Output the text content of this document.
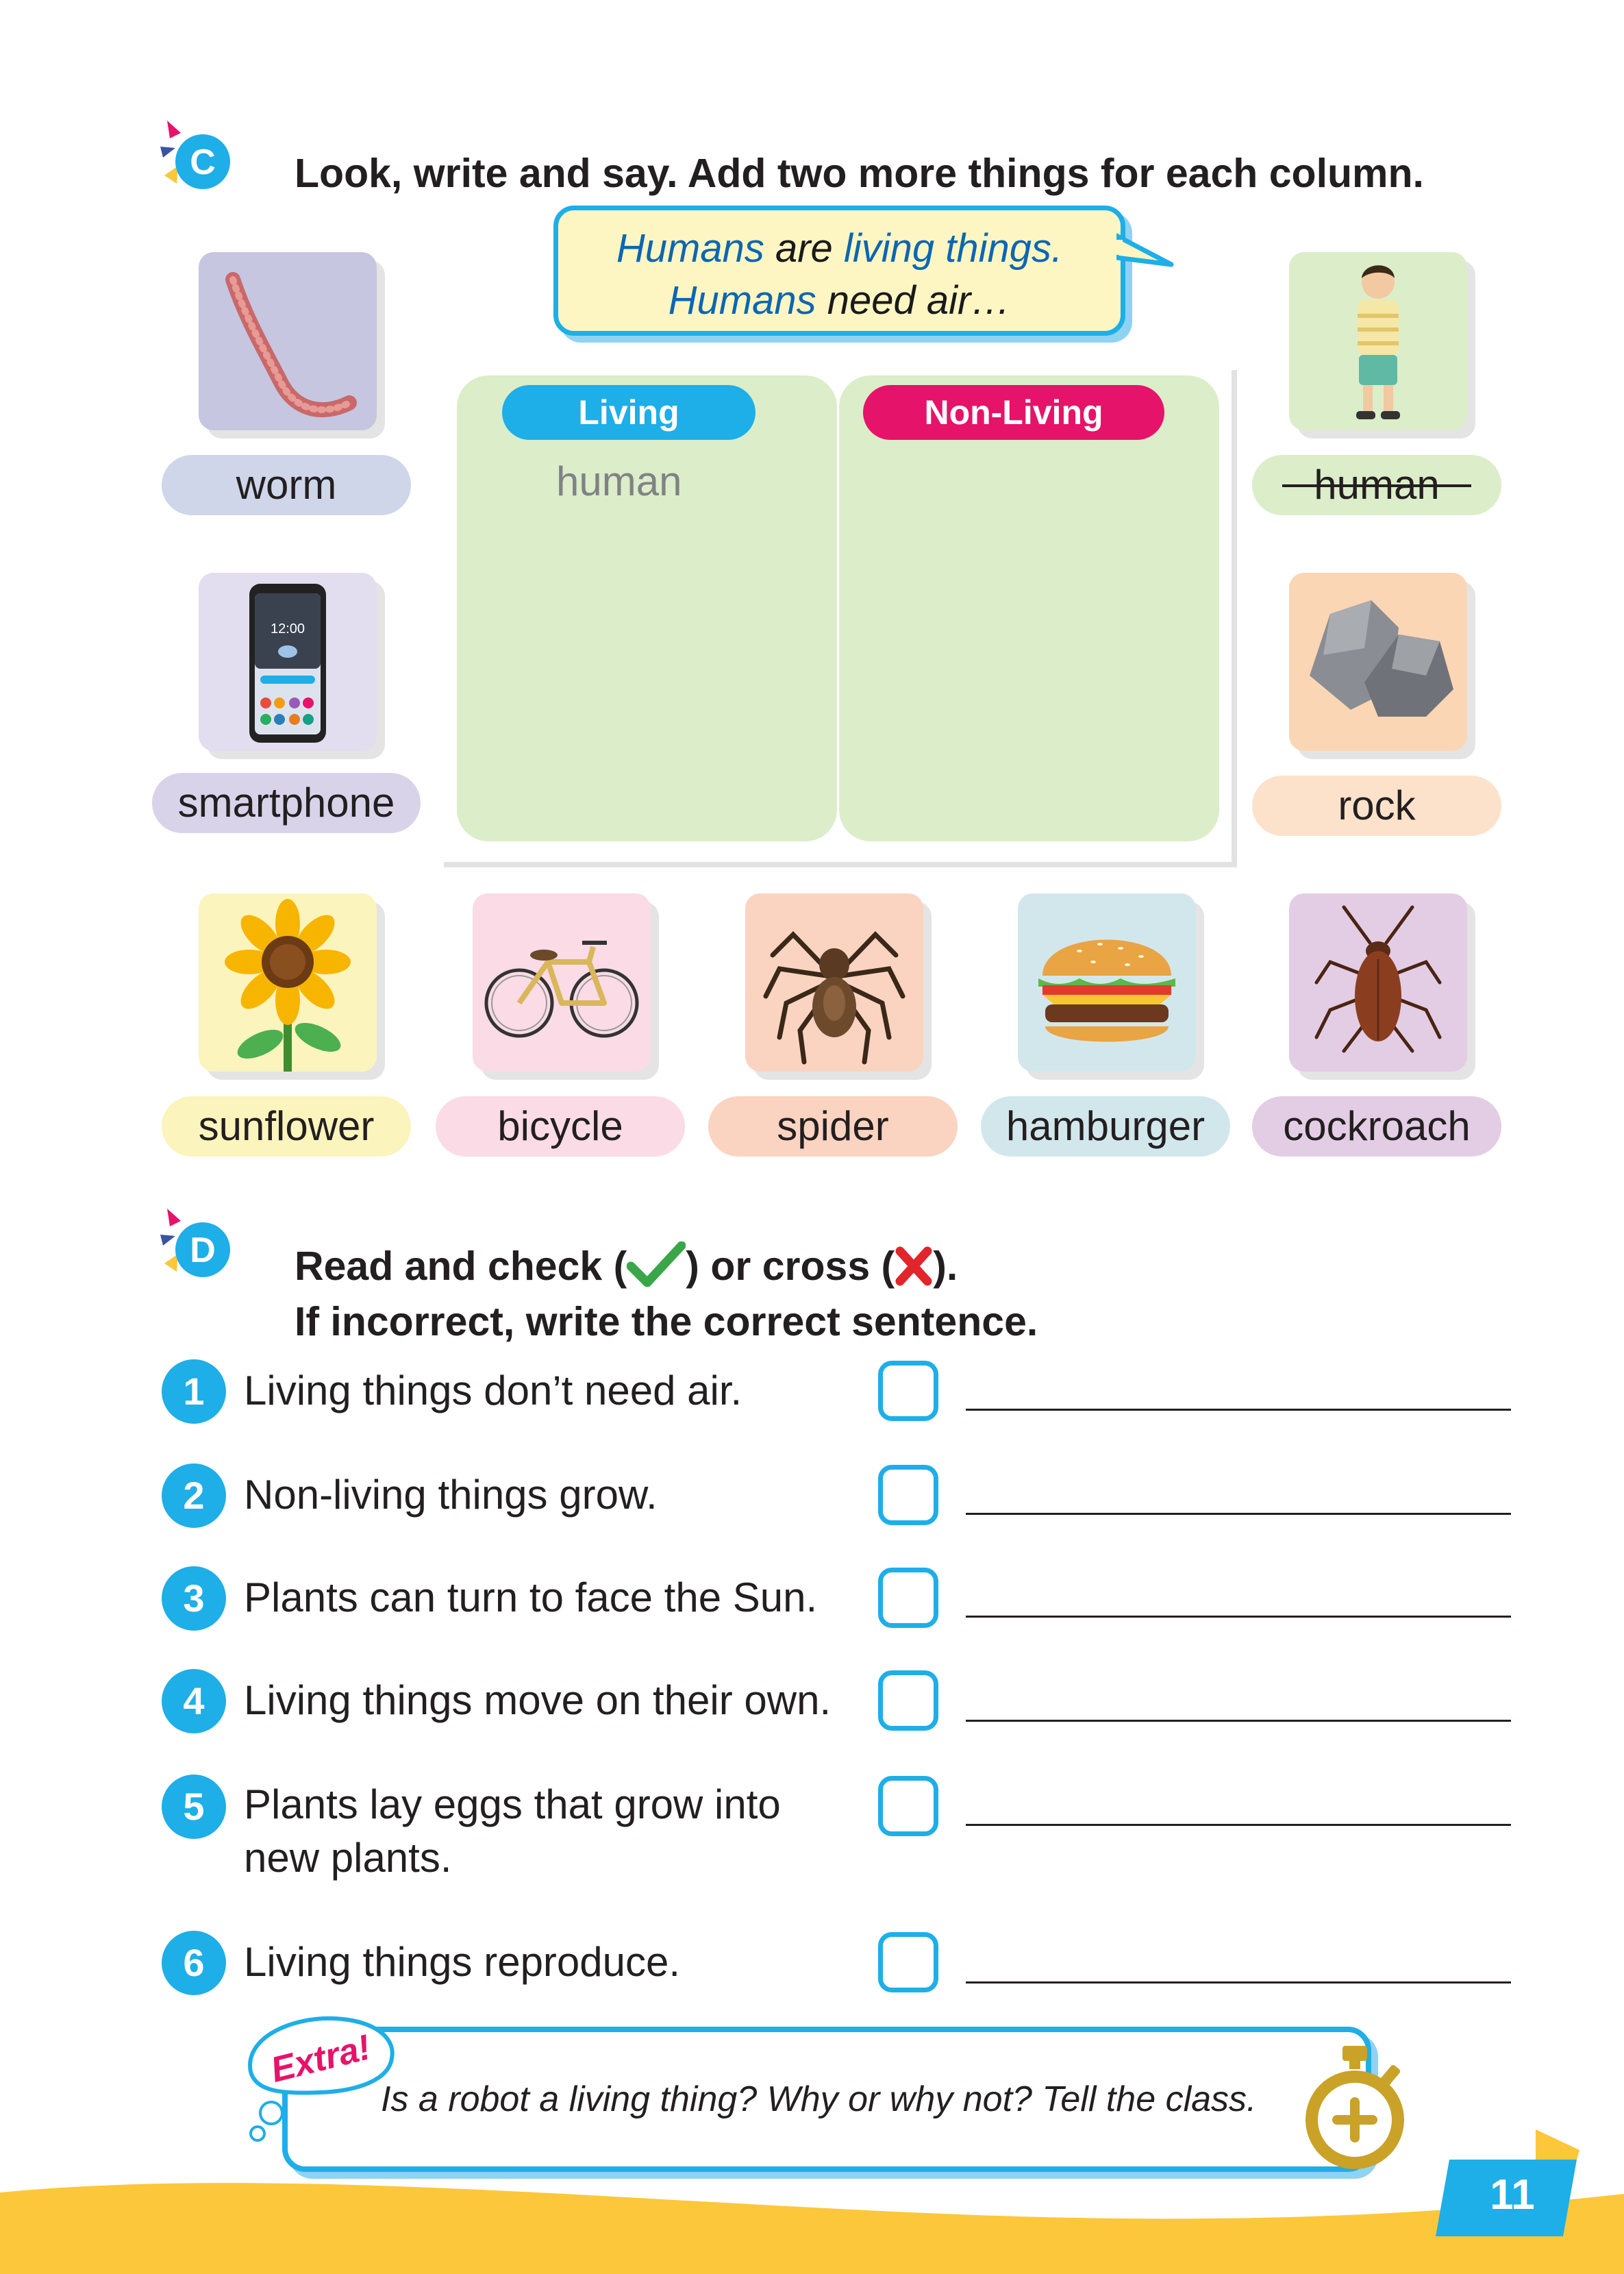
C Look, write and say. Add two more things for each column.
Humans are living things.
Humans need air…
Living	Non-Living
human
worm
12:00
smartphone
human
rock
sunflower	bicycle	spider	hamburger	cockroach
D Read and check ( ) or cross ( ).
If incorrect, write the correct sentence.
1 Living things don’t need air.
2 Non-living things grow.
3 Plants can turn to face the Sun.
4 Living things move on their own.
5 Plants lay eggs that grow into
new plants.
6 Living things reproduce.
Extra!
Is a robot a living thing? Why or why not? Tell the class.
11
